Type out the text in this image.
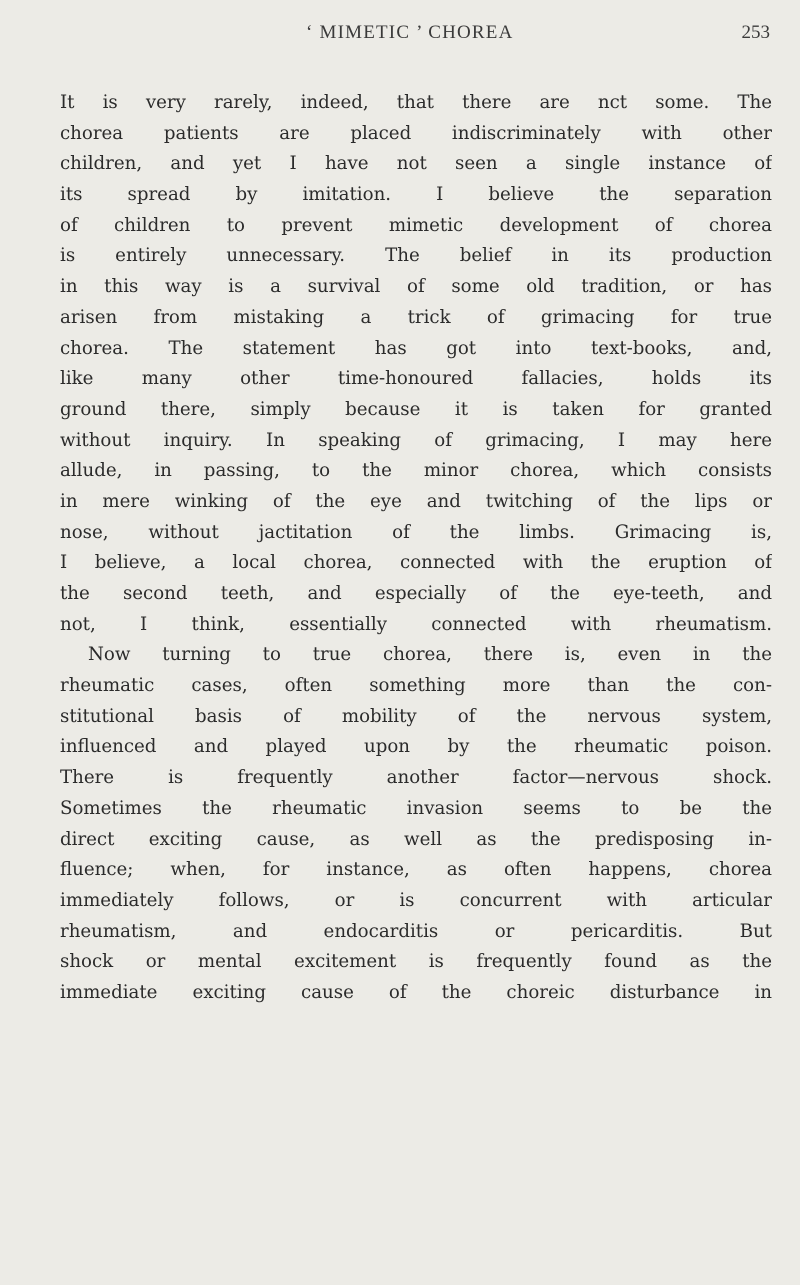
‘ MIMETIC ’ CHOREA	253
It is very rarely, indeed, that there are nct some. The
chorea patients are placed indiscriminately with other
children, and yet I have not seen a single instance of
its spread by imitation. I believe the separation
of children to prevent mimetic development of chorea
is entirely unnecessary. The belief in its production
in this way is a survival of some old tradition, or has
arisen from mistaking a trick of grimacing for true
chorea. The statement has got into text-books, and,
like many other time-honoured fallacies, holds its
ground there, simply because it is taken for granted
without inquiry. In speaking of grimacing, I may here
allude, in passing, to the minor chorea, which consists
in mere winking of the eye and twitching of the lips or
nose, without jactitation of the limbs. Grimacing is,
I believe, a local chorea, connected with the eruption of
the second teeth, and especially of the eye-teeth, and
not, I think, essentially connected with rheumatism.
Now turning to true chorea, there is, even in the
rheumatic cases, often something more than the con-
stitutional basis of mobility of the nervous system,
influenced and played upon by the rheumatic poison.
There is frequently another factor—nervous shock.
Sometimes the rheumatic invasion seems to be the
direct exciting cause, as well as the predisposing in-
fluence; when, for instance, as often happens, chorea
immediately follows, or is concurrent with articular
rheumatism, and endocarditis or pericarditis. But
shock or mental excitement is frequently found as the
immediate exciting cause of the choreic disturbance in
